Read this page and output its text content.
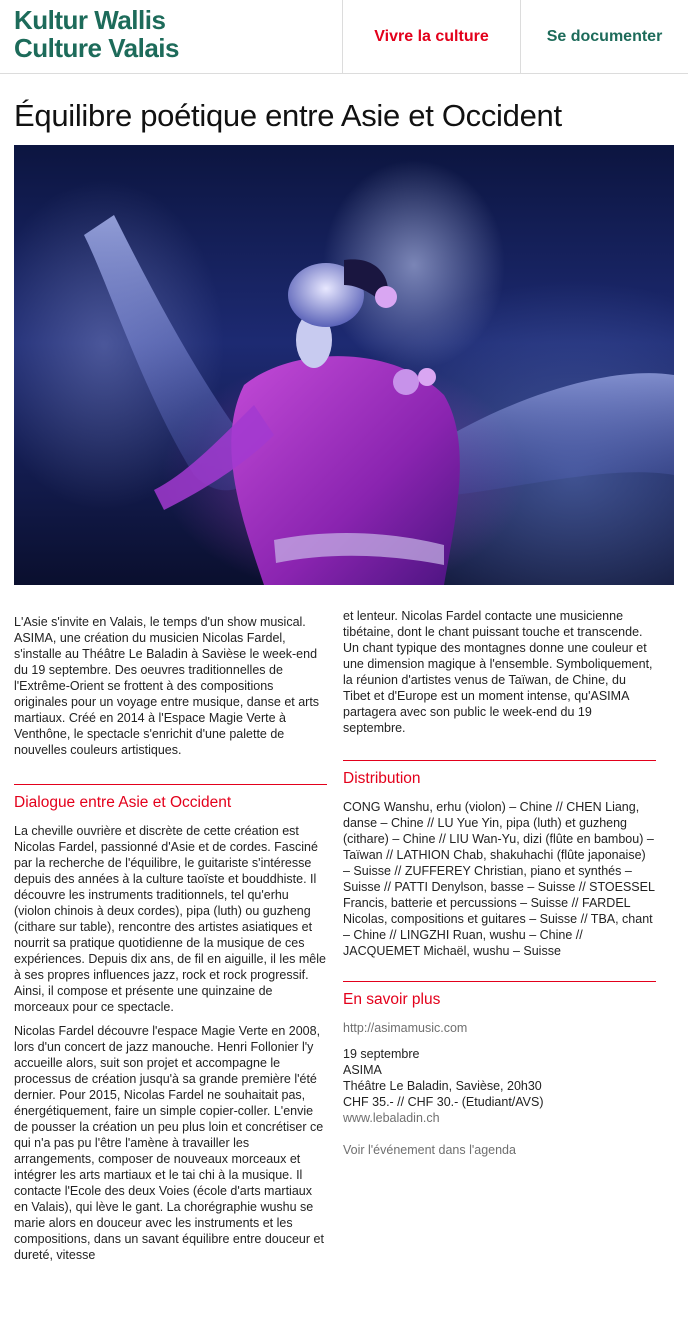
Kultur Wallis
Culture Valais	Vivre la culture	Se documenter
Équilibre poétique entre Asie et Occident

L'Asie s'invite en Valais, le temps d'un show musical. ASIMA, une création du musicien Nicolas Fardel, s'installe au Théâtre Le Baladin à Savièse le week-end du 19 septembre. Des oeuvres traditionnelles de l'Extrême-Orient se frottent à des compositions originales pour un voyage entre musique, danse et arts martiaux. Créé en 2014 à l'Espace Magie Verte à Venthône, le spectacle s'enrichit d'une palette de nouvelles couleurs artistiques.

Dialogue entre Asie et Occident

La cheville ouvrière et discrète de cette création est Nicolas Fardel, passionné d'Asie et de cordes. Fasciné par la recherche de l'équilibre, le guitariste s'intéresse depuis des années à la culture taoïste et bouddhiste. Il découvre les instruments traditionnels, tel qu'erhu (violon chinois à deux cordes), pipa (luth) ou guzheng (cithare sur table), rencontre des artistes asiatiques et nourrit sa pratique quotidienne de la musique de ces expériences. Depuis dix ans, de fil en aiguille, il les mêle à ses propres influences jazz, rock et rock progressif. Ainsi, il compose et présente une quinzaine de morceaux pour ce spectacle.

Nicolas Fardel découvre l'espace Magie Verte en 2008, lors d'un concert de jazz manouche. Henri Follonier l'y accueille alors, suit son projet et accompagne le processus de création jusqu'à sa grande première l'été dernier. Pour 2015, Nicolas Fardel ne souhaitait pas, énergétiquement, faire un simple copier-coller. L'envie de pousser la création un peu plus loin et concrétiser ce qui n'a pas pu l'être l'amène à travailler les arrangements, composer de nouveaux morceaux et intégrer les arts martiaux et le tai chi à la musique. Il contacte l'Ecole des deux Voies (école d'arts martiaux en Valais), qui lève le gant. La chorégraphie wushu se marie alors en douceur avec les instruments et les compositions, dans un savant équilibre entre douceur et dureté, vitesse

et lenteur. Nicolas Fardel contacte une musicienne tibétaine, dont le chant puissant touche et transcende. Un chant typique des montagnes donne une couleur et une dimension magique à l'ensemble. Symboliquement, la réunion d'artistes venus de Taïwan, de Chine, du Tibet et d'Europe est un moment intense, qu'ASIMA partagera avec son public le week-end du 19 septembre.

Distribution

CONG Wanshu, erhu (violon) – Chine // CHEN Liang, danse – Chine // LU Yue Yin, pipa (luth) et guzheng (cithare) – Chine // LIU Wan-Yu, dizi (flûte en bambou) – Taïwan // LATHION Chab, shakuhachi (flûte japonaise) – Suisse // ZUFFEREY Christian, piano et synthés – Suisse // PATTI Denylson, basse – Suisse // STOESSEL Francis, batterie et percussions – Suisse // FARDEL Nicolas, compositions et guitares – Suisse // TBA, chant – Chine // LINGZHI Ruan, wushu – Chine // JACQUEMET Michaël, wushu – Suisse

En savoir plus
http://asimamusic.com
19 septembre
ASIMA
Théâtre Le Baladin, Savièse, 20h30
CHF 35.- // CHF 30.- (Etudiant/AVS)
www.lebaladin.ch
Voir l'événement dans l'agenda
